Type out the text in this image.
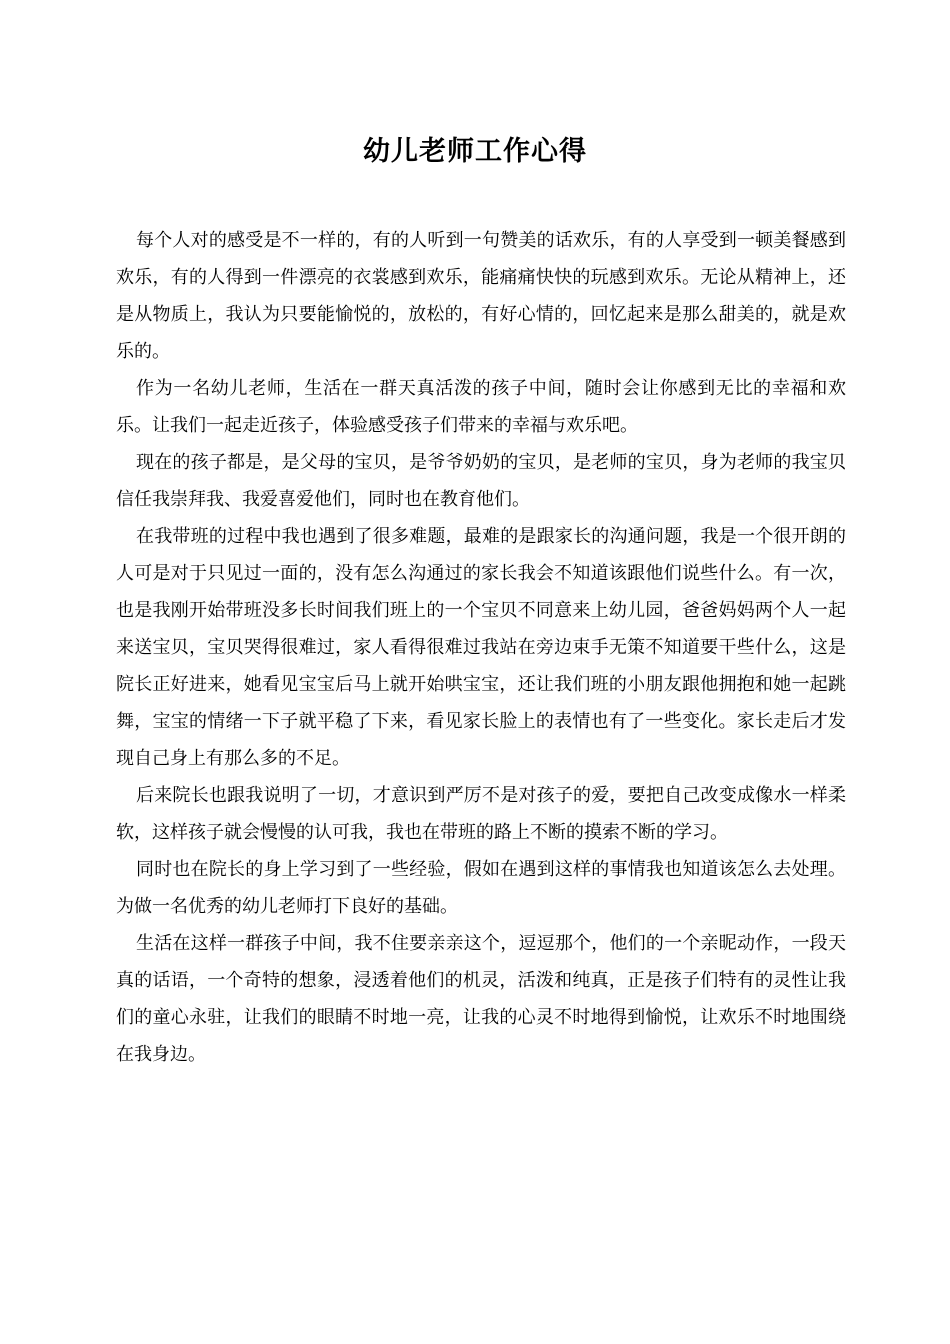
幼儿老师工作心得

每个人对的感受是不一样的，有的人听到一句赞美的话欢乐，有的人享受到一顿美餐感到欢乐，有的人得到一件漂亮的衣裳感到欢乐，能痛痛快快的玩感到欢乐。无论从精神上，还是从物质上，我认为只要能愉悦的，放松的，有好心情的，回忆起来是那么甜美的，就是欢乐的。

作为一名幼儿老师，生活在一群天真活泼的孩子中间，随时会让你感到无比的幸福和欢乐。让我们一起走近孩子，体验感受孩子们带来的幸福与欢乐吧。

现在的孩子都是，是父母的宝贝，是爷爷奶奶的宝贝，是老师的宝贝，身为老师的我宝贝信任我崇拜我、我爱喜爱他们，同时也在教育他们。

在我带班的过程中我也遇到了很多难题，最难的是跟家长的沟通问题，我是一个很开朗的人可是对于只见过一面的，没有怎么沟通过的家长我会不知道该跟他们说些什么。有一次，也是我刚开始带班没多长时间我们班上的一个宝贝不同意来上幼儿园，爸爸妈妈两个人一起来送宝贝，宝贝哭得很难过，家人看得很难过我站在旁边束手无策不知道要干些什么，这是院长正好进来，她看见宝宝后马上就开始哄宝宝，还让我们班的小朋友跟他拥抱和她一起跳舞，宝宝的情绪一下子就平稳了下来，看见家长脸上的表情也有了一些变化。家长走后才发现自己身上有那么多的不足。

后来院长也跟我说明了一切，才意识到严厉不是对孩子的爱，要把自己改变成像水一样柔软，这样孩子就会慢慢的认可我，我也在带班的路上不断的摸索不断的学习。

同时也在院长的身上学习到了一些经验，假如在遇到这样的事情我也知道该怎么去处理。为做一名优秀的幼儿老师打下良好的基础。

生活在这样一群孩子中间，我不住要亲亲这个，逗逗那个，他们的一个亲昵动作，一段天真的话语，一个奇特的想象，浸透着他们的机灵，活泼和纯真，正是孩子们特有的灵性让我们的童心永驻，让我们的眼睛不时地一亮，让我的心灵不时地得到愉悦，让欢乐不时地围绕在我身边。
